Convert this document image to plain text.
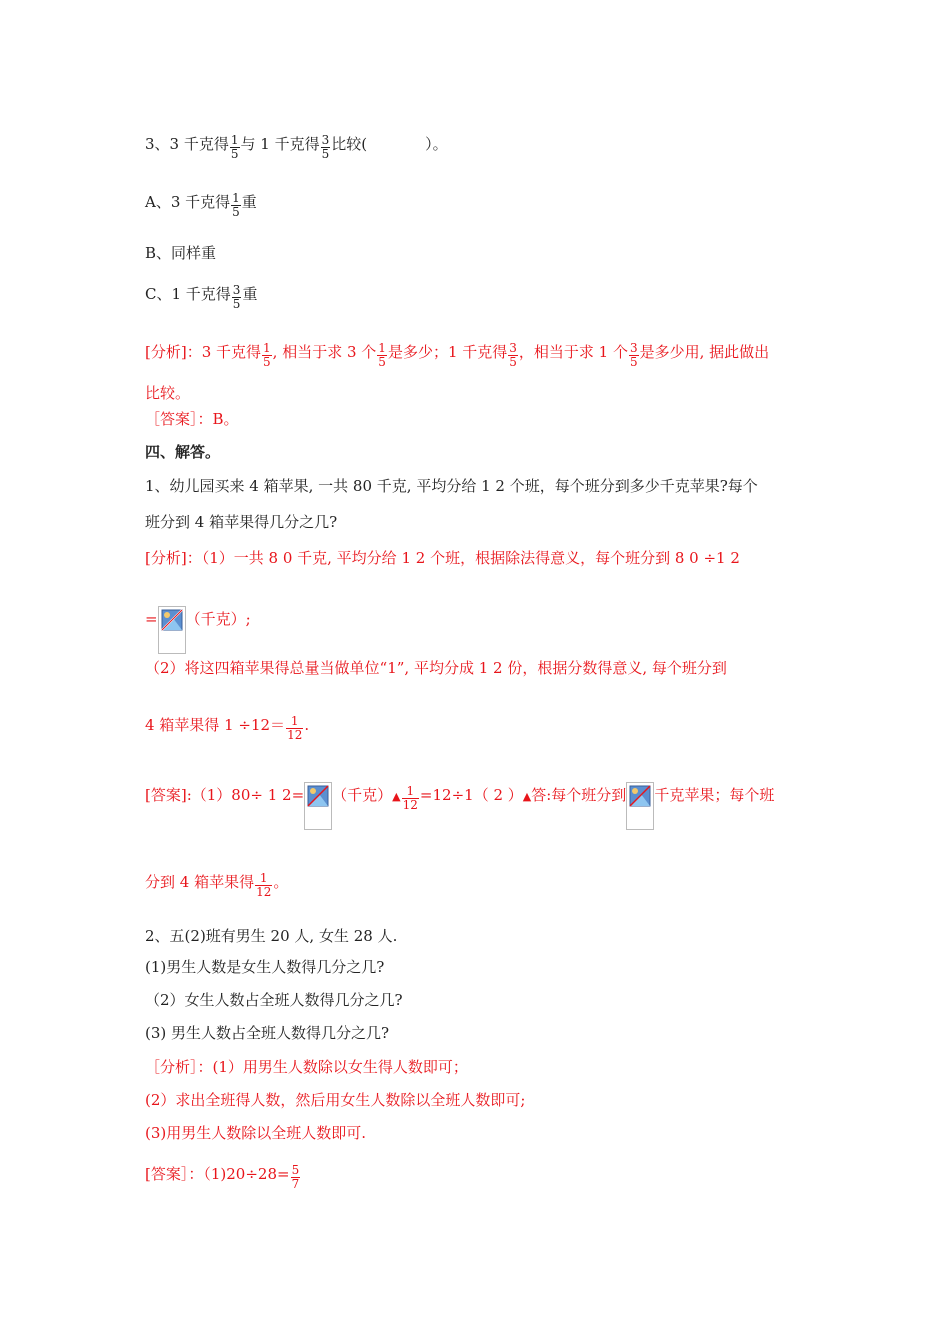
3、3 千克得 $\frac{1}{5}$ 与 1 千克得 $\frac{3}{5}$ 比较(	）。
A、3 千克得 $\frac{1}{5}$ 重
B、同样重
C、1 千克得 $\frac{3}{5}$ 重
[分析]：3 千克得 $\frac{1}{5}$ , 相当于求 3 个 $\frac{1}{5}$ 是多少；1 千克得 $\frac{3}{5}$ ，相当于求 1 个 $\frac{3}{5}$ 是多少用, 据此做出
比较。
［答案］：B。
四、解答。
1、幼儿园买来 4 箱苹果, 一共 80 千克, 平均分给 1 2 个班，每个班分到多少千克苹果?每个
班分到 4 箱苹果得几分之几?
[分析]：（1）一共 8 0 千克, 平均分给 1 2 个班，根据除法得意义，每个班分到 8 0 ÷1 2
= （千克）;
（2）将这四箱苹果得总量当做单位“1”, 平均分成 1 2 份，根据分数得意义, 每个班分到
4 箱苹果得 $1 \div 12= \frac{1}{12}$ .
[答案]:（1）80÷ 1 2= （千克）▲ $\frac{1}{12} =12\div 1$（ 2 ）▲答:每个班分到 千克苹果；每个班
分到 4 箱苹果得 $\frac{1}{12}$ 。
2、五(2)班有男生 20 人, 女生 28 人.
(1)男生人数是女生人数得几分之几?
（2）女生人数占全班人数得几分之几?
(3) 男生人数占全班人数得几分之几?
［分析］：(1）用男生人数除以女生得人数即可；
(2）求出全班得人数，然后用女生人数除以全班人数即可;
(3)用男生人数除以全班人数即可.
[答案］：$(1)20\div 28= \frac{5}{7}$
